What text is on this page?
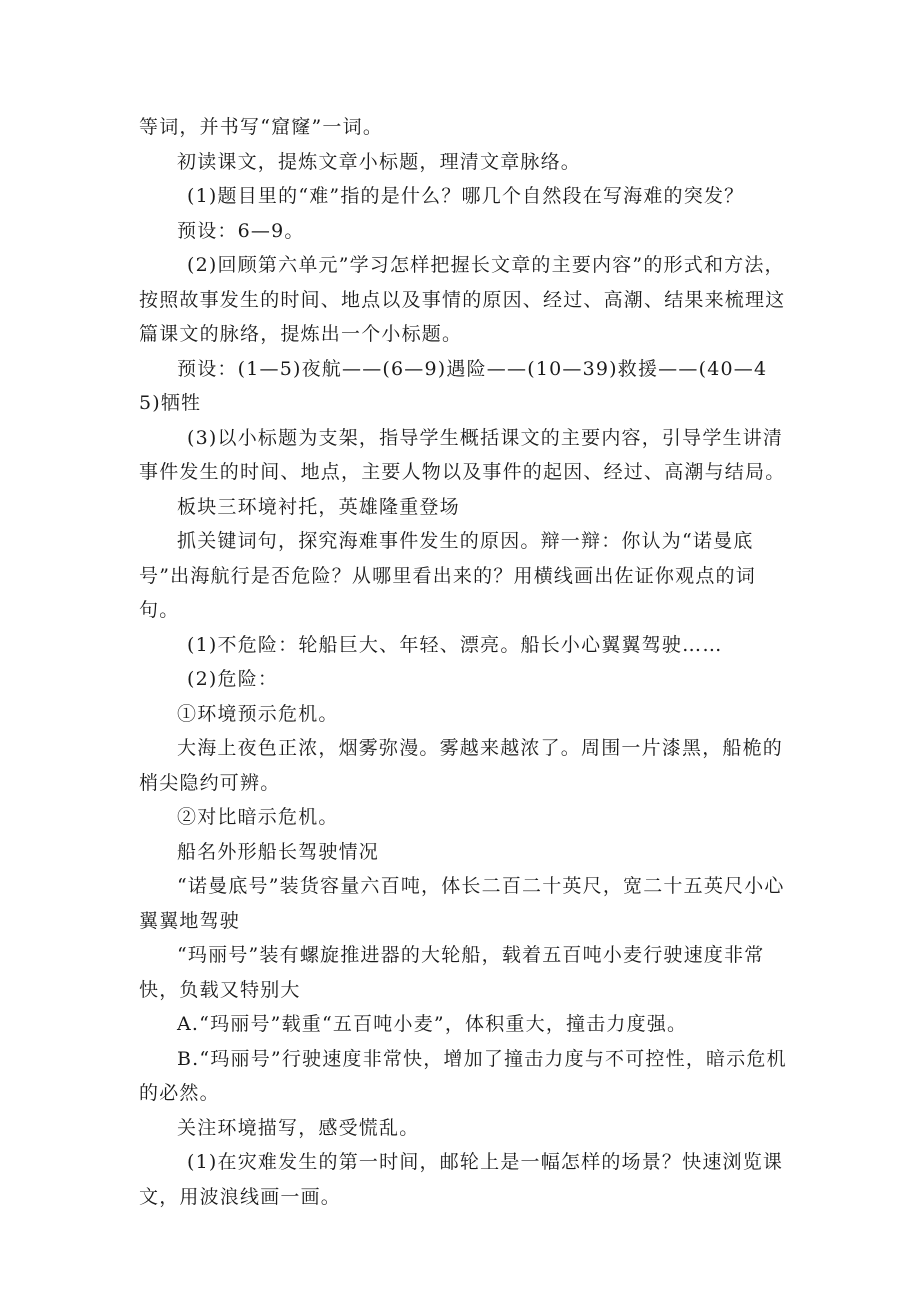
等词，并书写“窟窿”一词。

初读课文，提炼文章小标题，理清文章脉络。

(1)题目里的“难”指的是什么？哪几个自然段在写海难的突发？

预设：6—9。

(2)回顾第六单元”学习怎样把握长文章的主要内容”的形式和方法，按照故事发生的时间、地点以及事情的原因、经过、高潮、结果来梳理这篇课文的脉络，提炼出一个小标题。

预设：(1—5)夜航——(6—9)遇险——(10—39)救援——(40—45)牺牲

(3)以小标题为支架，指导学生概括课文的主要内容，引导学生讲清事件发生的时间、地点，主要人物以及事件的起因、经过、高潮与结局。

板块三环境衬托，英雄隆重登场

抓关键词句，探究海难事件发生的原因。辩一辩：你认为“诺曼底号”出海航行是否危险？从哪里看出来的？用横线画出佐证你观点的词句。

(1)不危险：轮船巨大、年轻、漂亮。船长小心翼翼驾驶……

(2)危险：

①环境预示危机。

大海上夜色正浓，烟雾弥漫。雾越来越浓了。周围一片漆黑，船桅的梢尖隐约可辨。

②对比暗示危机。

船名外形船长驾驶情况

“诺曼底号”装货容量六百吨，体长二百二十英尺，宽二十五英尺小心翼翼地驾驶

“玛丽号”装有螺旋推进器的大轮船，载着五百吨小麦行驶速度非常快，负载又特别大

A.“玛丽号”载重“五百吨小麦”，体积重大，撞击力度强。

B.“玛丽号”行驶速度非常快，增加了撞击力度与不可控性，暗示危机的必然。

关注环境描写，感受慌乱。

(1)在灾难发生的第一时间，邮轮上是一幅怎样的场景？快速浏览课文，用波浪线画一画。
